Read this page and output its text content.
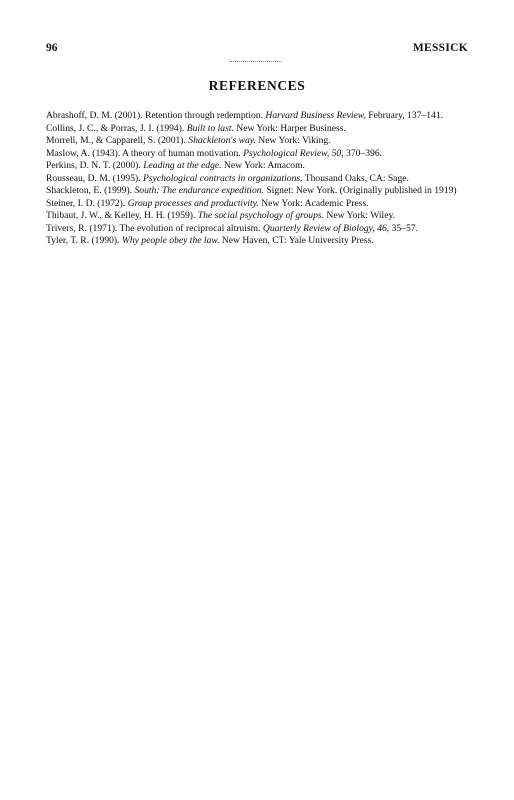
96	MESSICK
REFERENCES
Abrashoff, D. M. (2001). Retention through redemption. Harvard Business Review, February, 137–141.
Collins, J. C., & Porras, J. I. (1994). Built to last. New York: Harper Business.
Morrell, M., & Capparell, S. (2001). Shackleton's way. New York: Viking.
Maslow, A. (1943). A theory of human motivation. Psychological Review, 50, 370–396.
Perkins, D. N. T. (2000). Leading at the edge. New York: Amacom.
Rousseau, D. M. (1995). Psychological contracts in organizations. Thousand Oaks, CA: Sage.
Shackleton, E. (1999). South: The endurance expedition. Signet: New York. (Originally published in 1919)
Steiner, I. D. (1972). Group processes and productivity. New York: Academic Press.
Thibaut, J. W., & Kelley, H. H. (1959). The social psychology of groups. New York: Wiley.
Trivers, R. (1971). The evolution of reciprocal altruism. Quarterly Review of Biology, 46, 35–57.
Tyler, T. R. (1990). Why people obey the law. New Haven, CT: Yale University Press.
